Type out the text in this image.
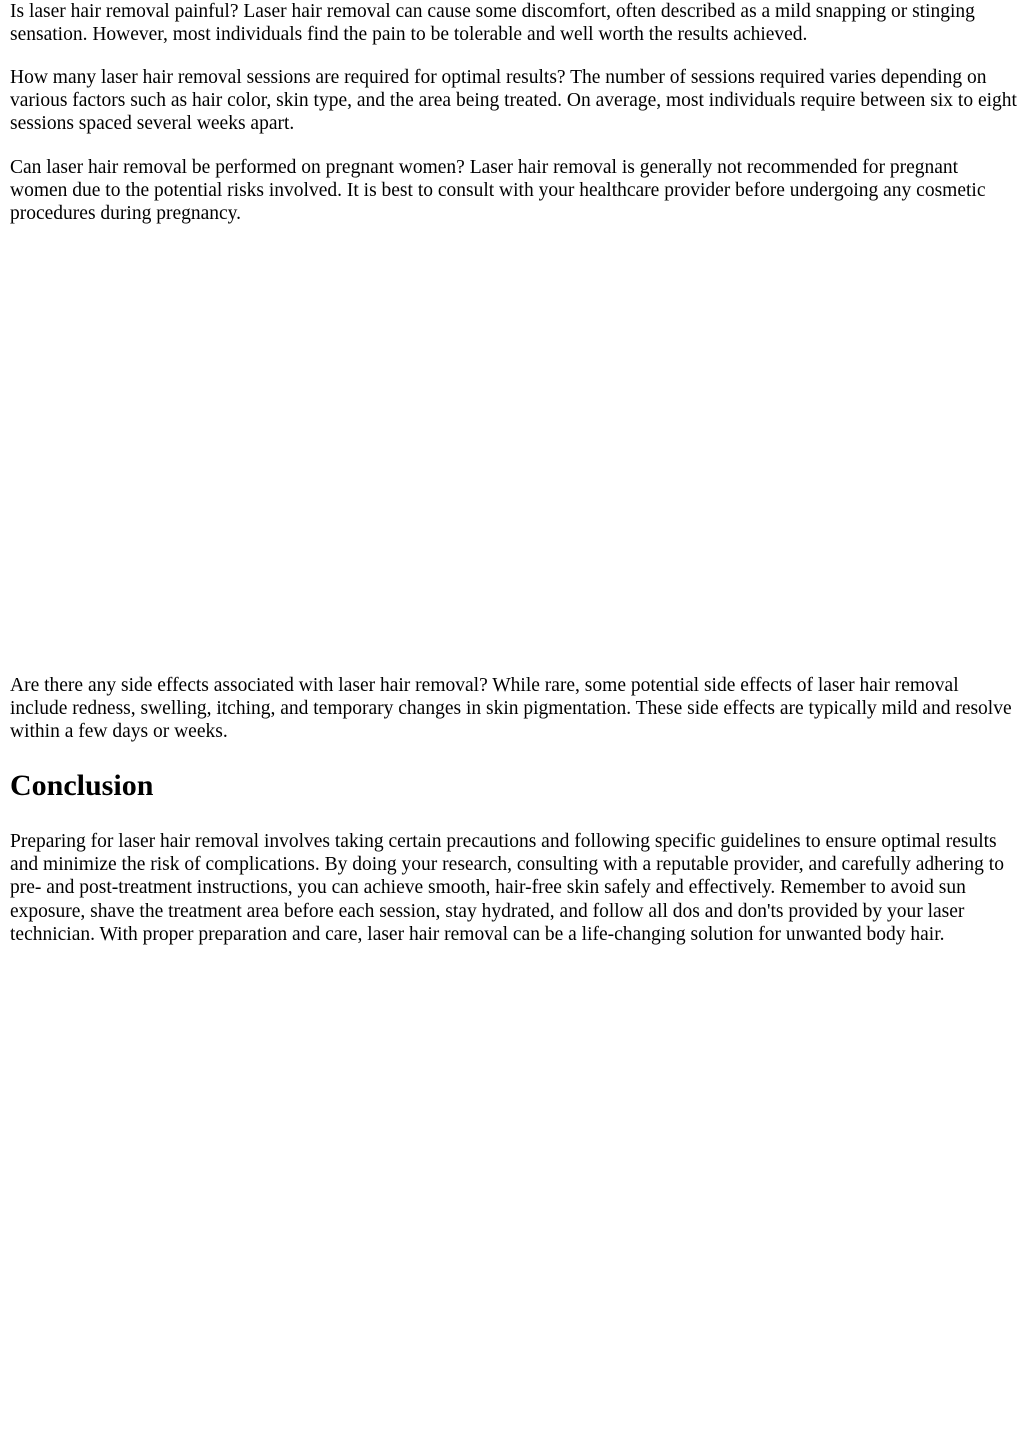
Is laser hair removal painful? Laser hair removal can cause some discomfort, often described as a mild snapping or stinging sensation. However, most individuals find the pain to be tolerable and well worth the results achieved.

How many laser hair removal sessions are required for optimal results? The number of sessions required varies depending on various factors such as hair color, skin type, and the area being treated. On average, most individuals require between six to eight sessions spaced several weeks apart.

Can laser hair removal be performed on pregnant women? Laser hair removal is generally not recommended for pregnant women due to the potential risks involved. It is best to consult with your healthcare provider before undergoing any cosmetic procedures during pregnancy.

Are there any side effects associated with laser hair removal? While rare, some potential side effects of laser hair removal include redness, swelling, itching, and temporary changes in skin pigmentation. These side effects are typically mild and resolve within a few days or weeks.

Conclusion

Preparing for laser hair removal involves taking certain precautions and following specific guidelines to ensure optimal results and minimize the risk of complications. By doing your research, consulting with a reputable provider, and carefully adhering to pre- and post-treatment instructions, you can achieve smooth, hair-free skin safely and effectively. Remember to avoid sun exposure, shave the treatment area before each session, stay hydrated, and follow all dos and don'ts provided by your laser technician. With proper preparation and care, laser hair removal can be a life-changing solution for unwanted body hair.
